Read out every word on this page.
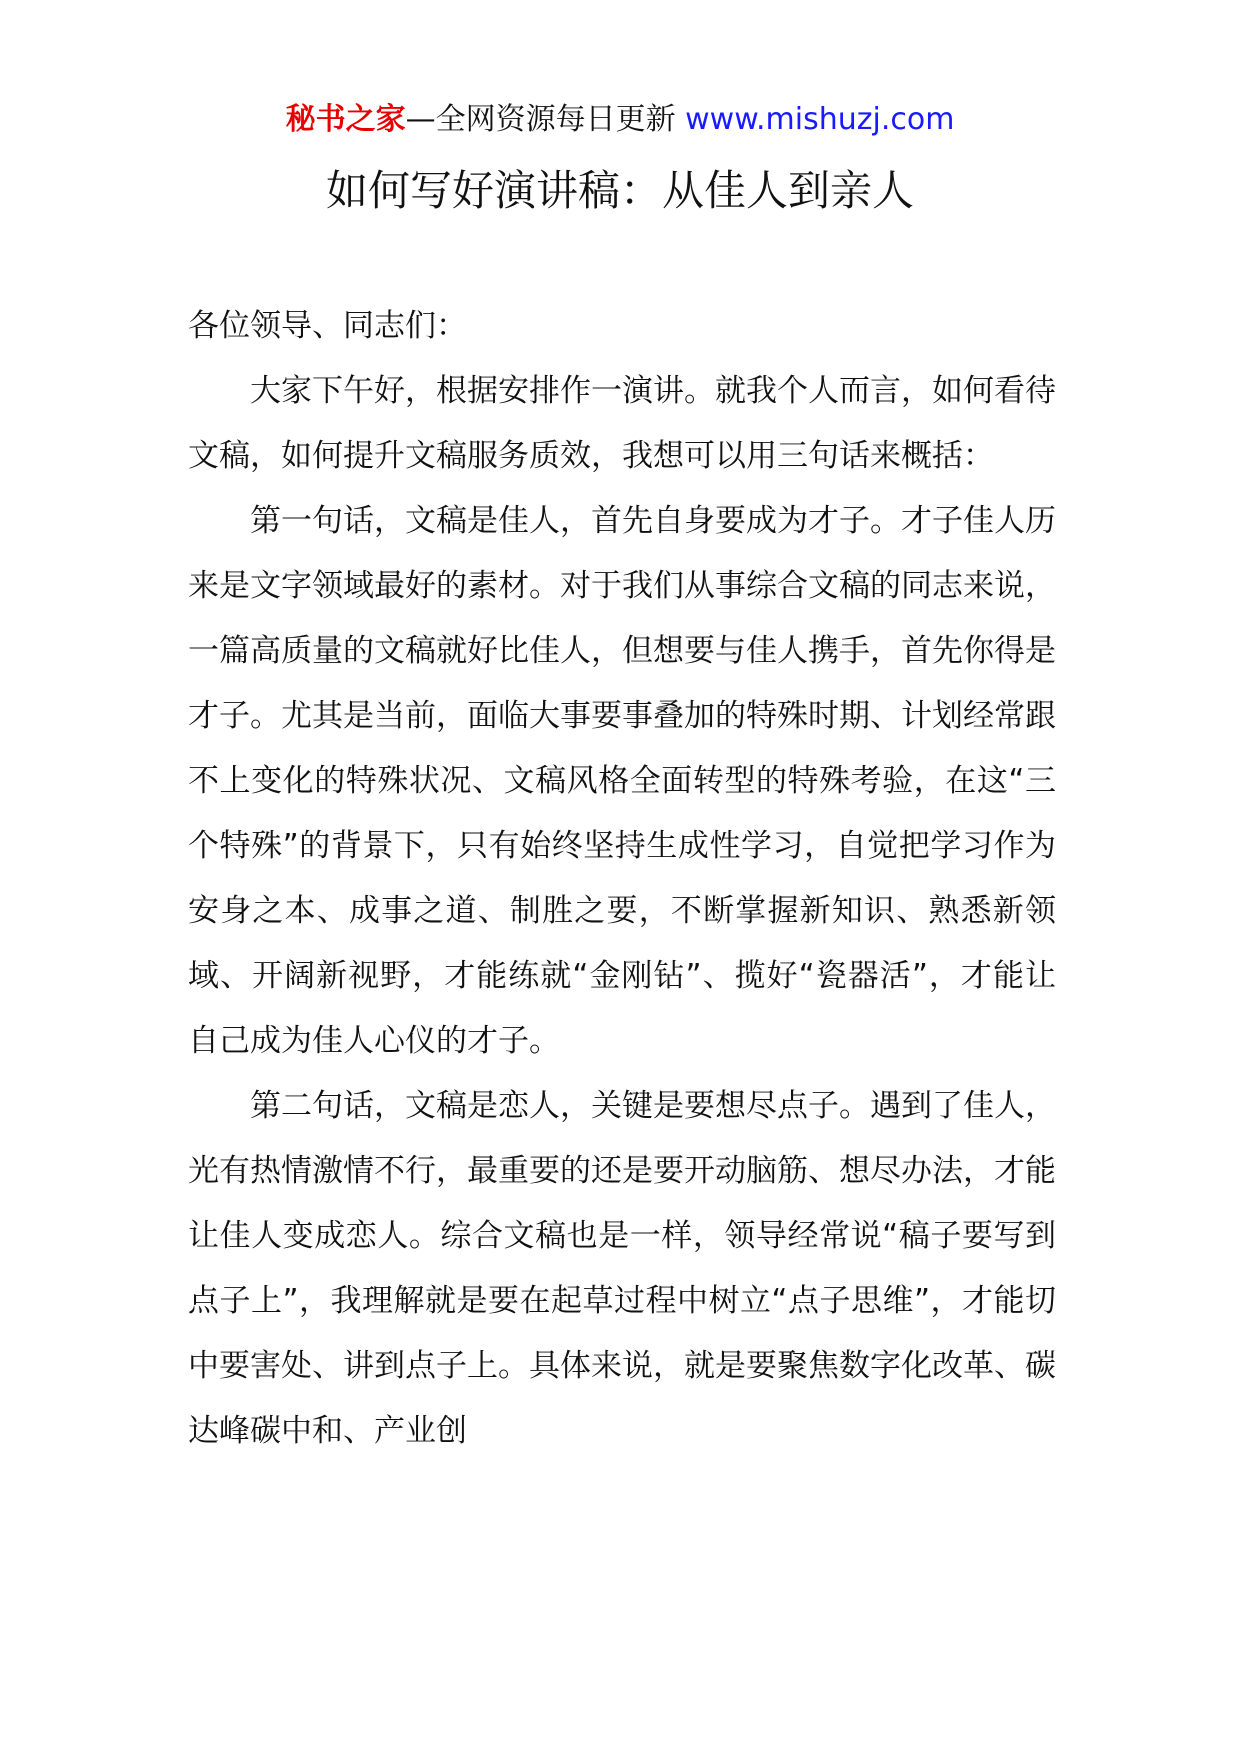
秘书之家—全网资源每日更新 www.mishuzj.com
如何写好演讲稿：从佳人到亲人

各位领导、同志们：

大家下午好，根据安排作一演讲。就我个人而言，如何看待文稿，如何提升文稿服务质效，我想可以用三句话来概括：

第一句话，文稿是佳人，首先自身要成为才子。才子佳人历来是文字领域最好的素材。对于我们从事综合文稿的同志来说，一篇高质量的文稿就好比佳人，但想要与佳人携手，首先你得是才子。尤其是当前，面临大事要事叠加的特殊时期、计划经常跟不上变化的特殊状况、文稿风格全面转型的特殊考验，在这“三个特殊”的背景下，只有始终坚持生成性学习，自觉把学习作为安身之本、成事之道、制胜之要，不断掌握新知识、熟悉新领域、开阔新视野，才能练就“金刚钻”、揽好“瓷器活”，才能让自己成为佳人心仪的才子。

第二句话，文稿是恋人，关键是要想尽点子。遇到了佳人，光有热情激情不行，最重要的还是要开动脑筋、想尽办法，才能让佳人变成恋人。综合文稿也是一样，领导经常说“稿子要写到点子上”，我理解就是要在起草过程中树立“点子思维”，才能切中要害处、讲到点子上。具体来说，就是要聚焦数字化改革、碳达峰碳中和、产业创
